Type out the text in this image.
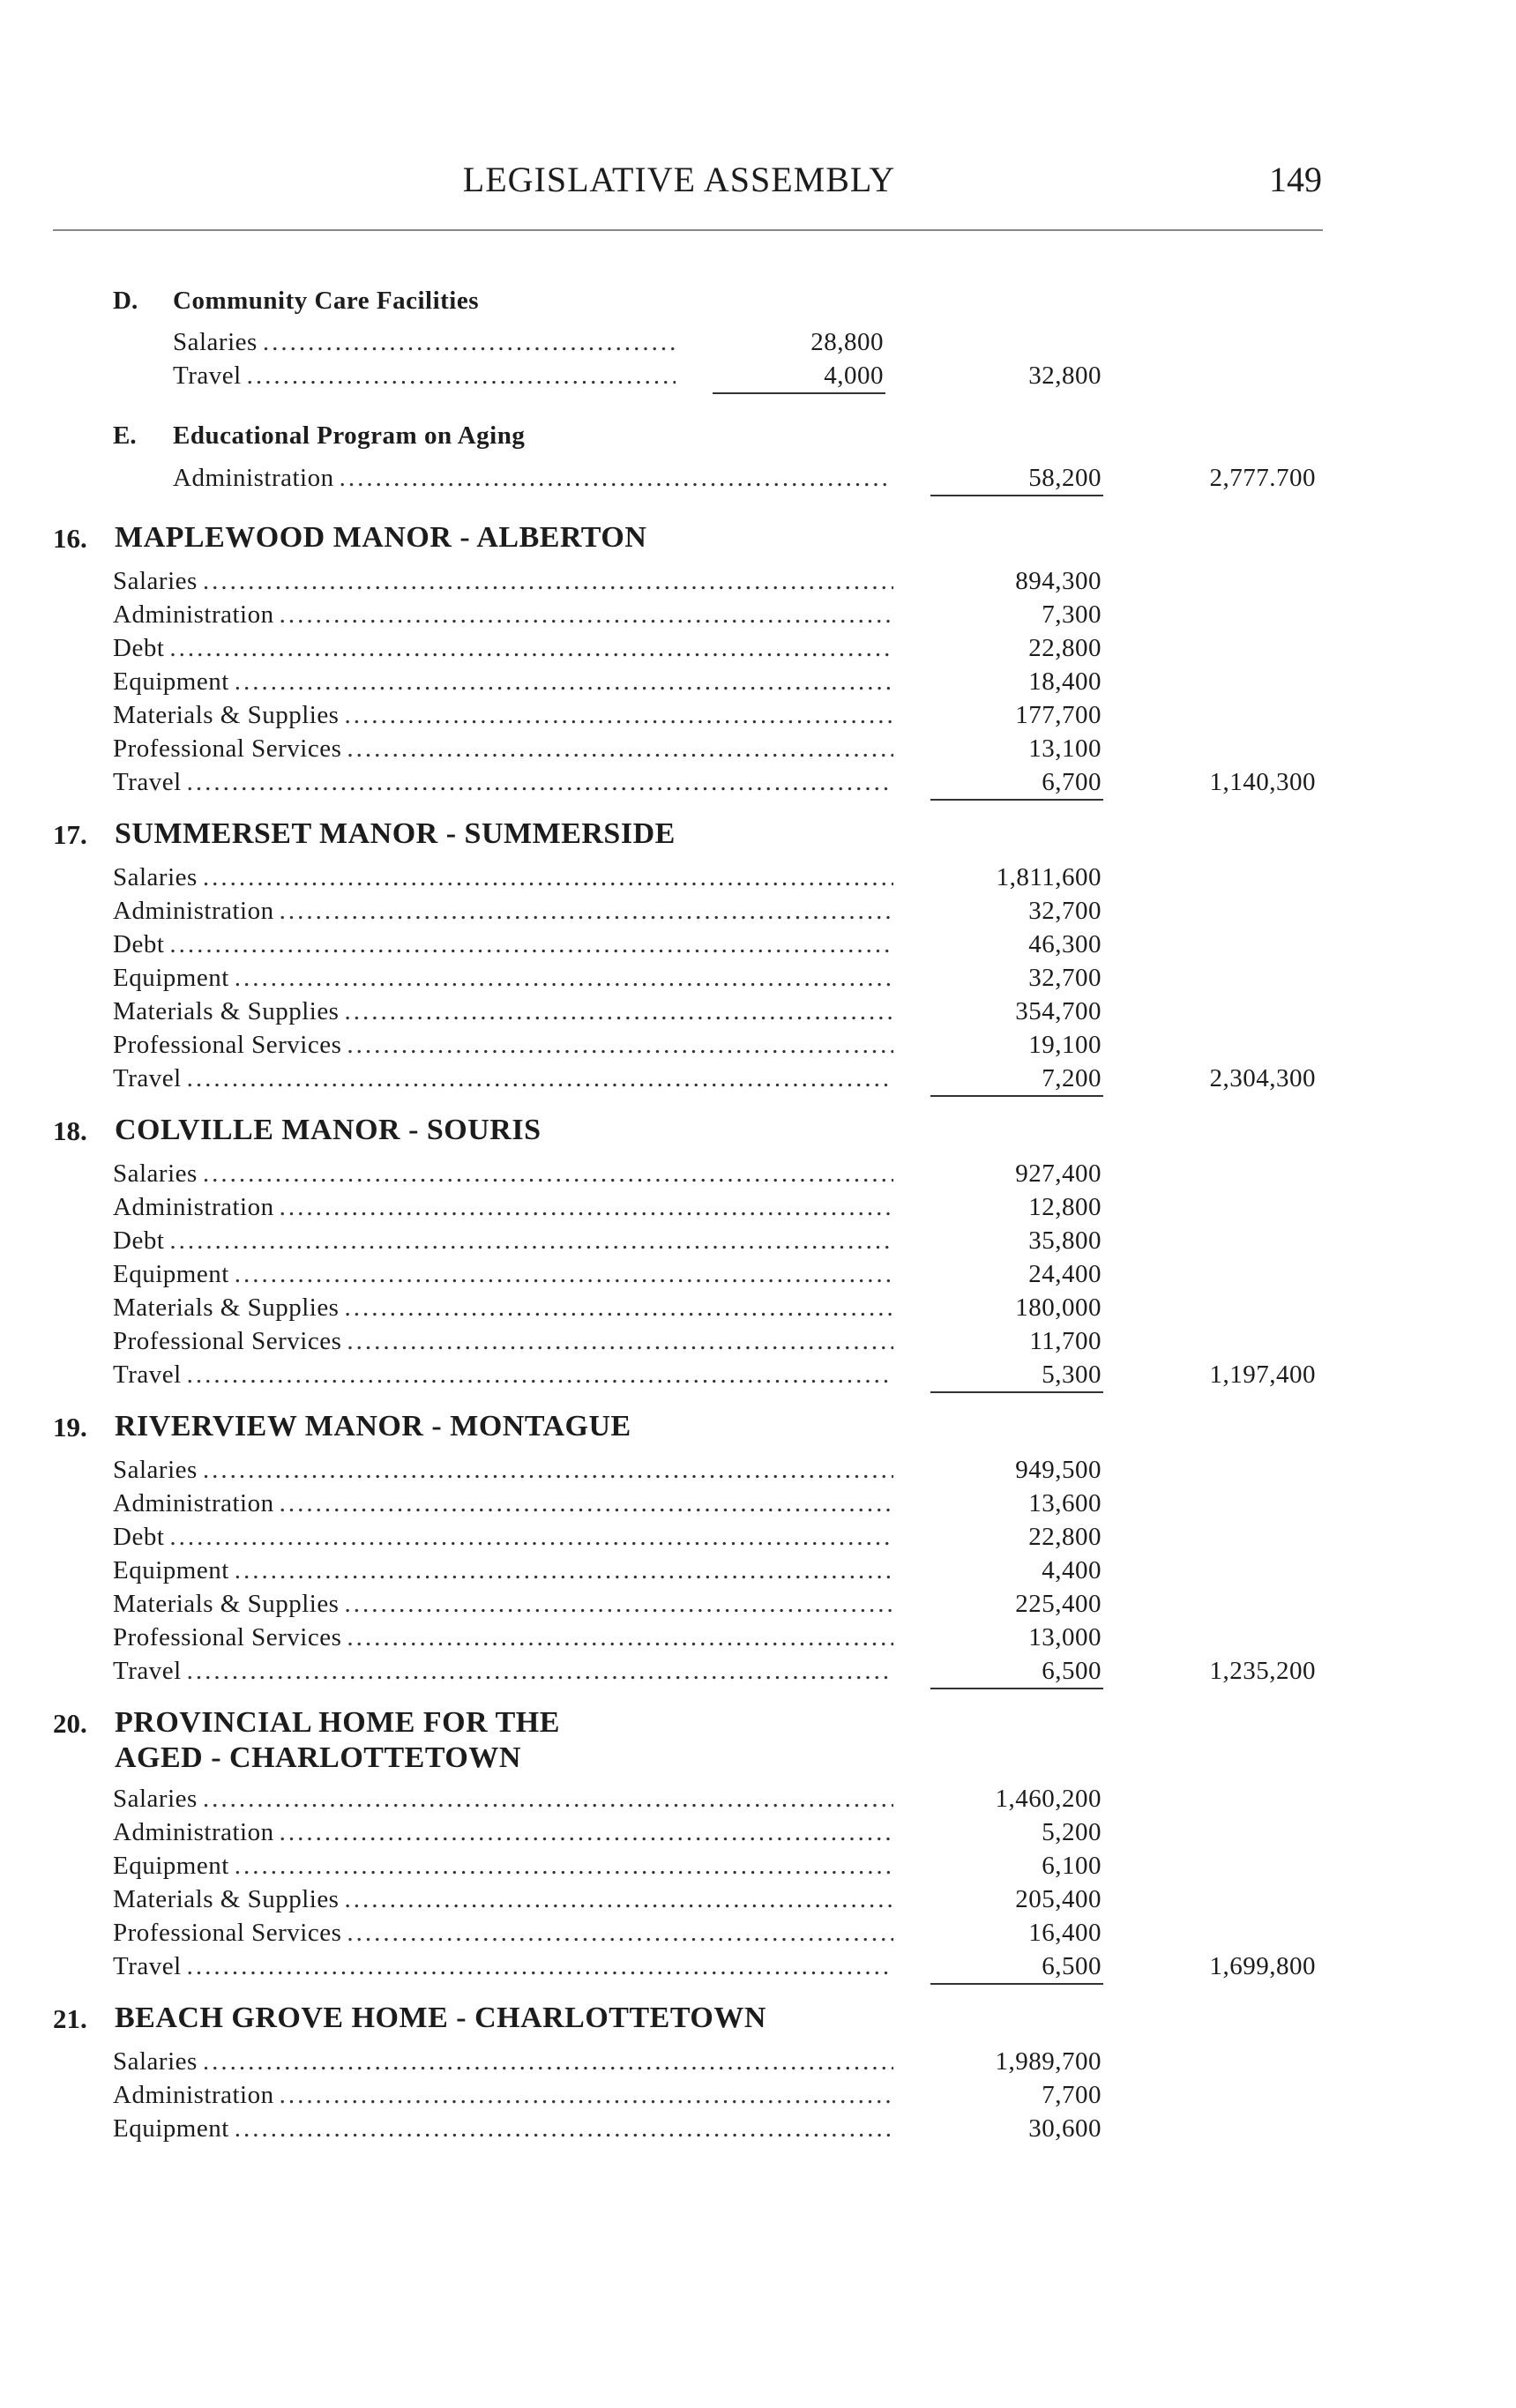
LEGISLATIVE ASSEMBLY	149
D. Community Care Facilities
Salaries .....	28,800
Travel .....	4,000	32,800
E. Educational Program on Aging
Administration .....	58,200	2,777.700
16. MAPLEWOOD MANOR - ALBERTON
Salaries .....	894,300
Administration .....	7,300
Debt .....	22,800
Equipment .....	18,400
Materials & Supplies .....	177,700
Professional Services .....	13,100
Travel .....	6,700	1,140,300
17. SUMMERSET MANOR - SUMMERSIDE
Salaries .....	1,811,600
Administration .....	32,700
Debt .....	46,300
Equipment .....	32,700
Materials & Supplies .....	354,700
Professional Services .....	19,100
Travel .....	7,200	2,304,300
18. COLVILLE MANOR - SOURIS
Salaries .....	927,400
Administration .....	12,800
Debt .....	35,800
Equipment .....	24,400
Materials & Supplies .....	180,000
Professional Services .....	11,700
Travel .....	5,300	1,197,400
19. RIVERVIEW MANOR - MONTAGUE
Salaries .....	949,500
Administration .....	13,600
Debt .....	22,800
Equipment .....	4,400
Materials & Supplies .....	225,400
Professional Services .....	13,000
Travel .....	6,500	1,235,200
20. PROVINCIAL HOME FOR THE
AGED - CHARLOTTETOWN
Salaries .....	1,460,200
Administration .....	5,200
Equipment .....	6,100
Materials & Supplies .....	205,400
Professional Services .....	16,400
Travel .....	6,500	1,699,800
21. BEACH GROVE HOME - CHARLOTTETOWN
Salaries .....	1,989,700
Administration .....	7,700
Equipment .....	30,600
